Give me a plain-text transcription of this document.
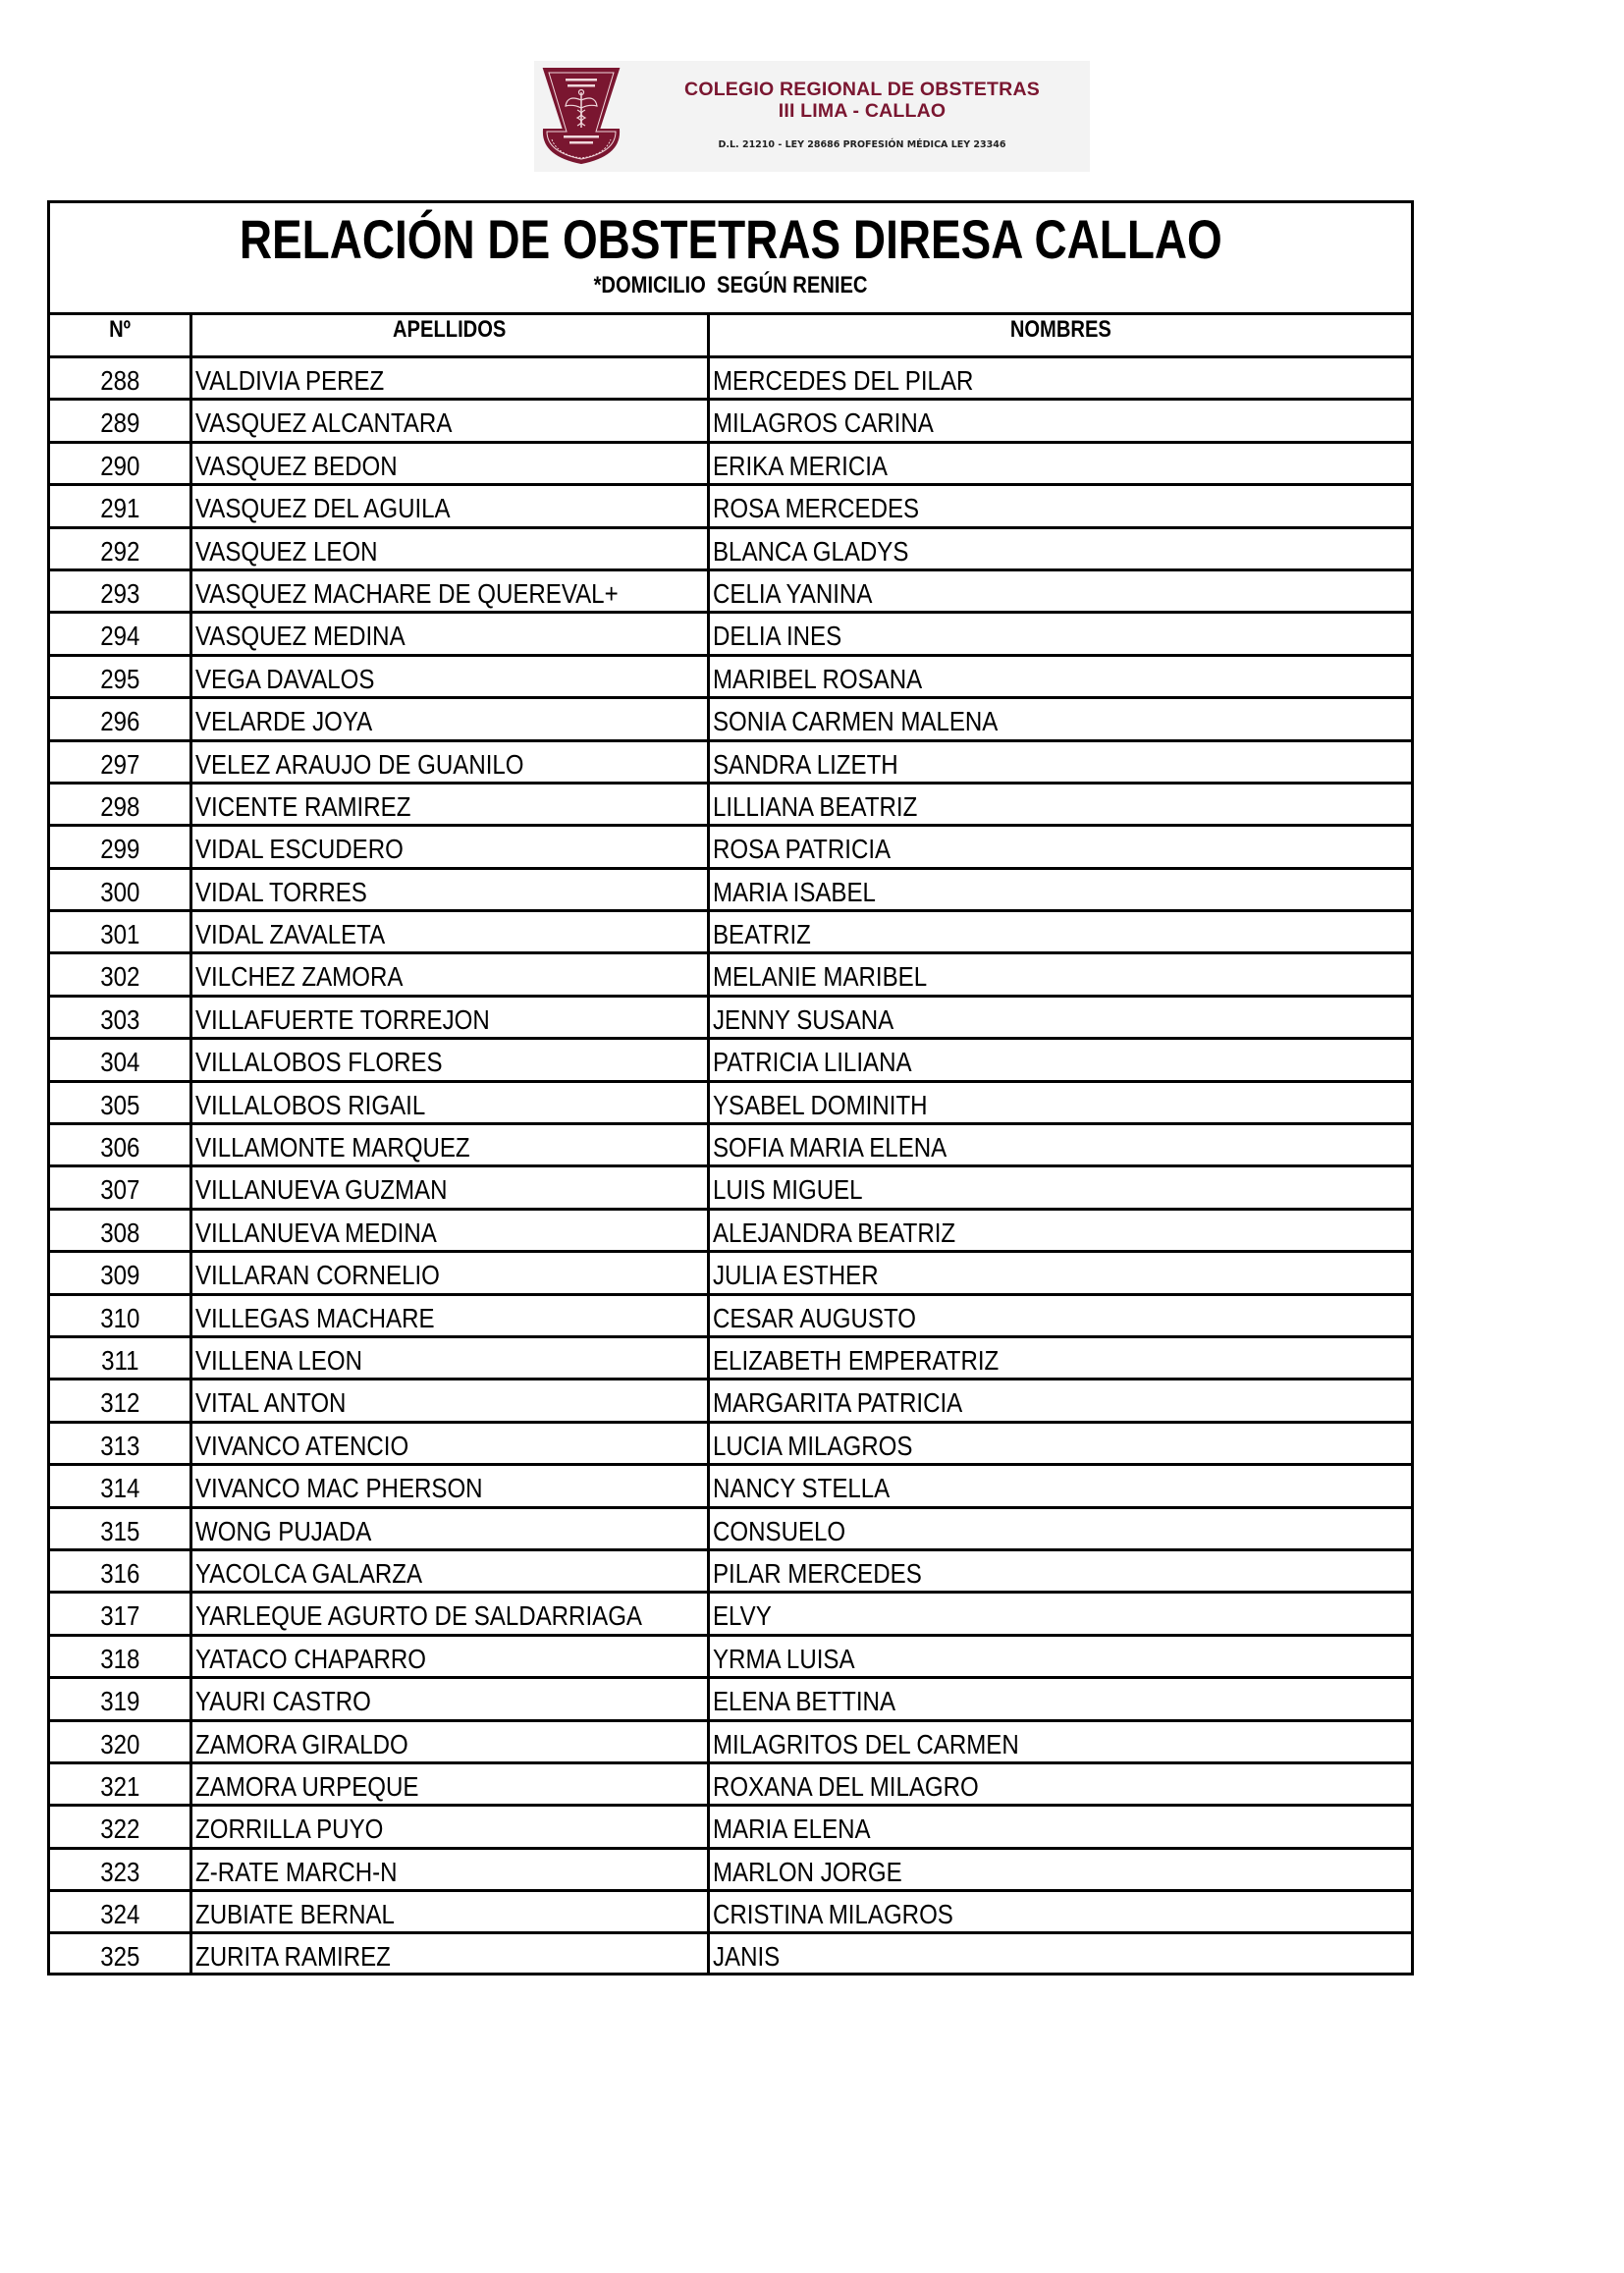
COLEGIO REGIONAL DE OBSTETRAS
III LIMA - CALLAO
D.L. 21210 - LEY 28686 PROFESIÓN MÉDICA LEY 23346
RELACIÓN DE OBSTETRAS DIRESA CALLAO
*DOMICILIO  SEGÚN RENIEC
Nº	APELLIDOS	NOMBRES
288	VALDIVIA PEREZ	MERCEDES DEL PILAR
289	VASQUEZ ALCANTARA	MILAGROS CARINA
290	VASQUEZ BEDON	ERIKA MERICIA
291	VASQUEZ DEL AGUILA	ROSA MERCEDES
292	VASQUEZ LEON	BLANCA GLADYS
293	VASQUEZ MACHARE DE QUEREVAL+	CELIA YANINA
294	VASQUEZ MEDINA	DELIA INES
295	VEGA DAVALOS	MARIBEL ROSANA
296	VELARDE JOYA	SONIA CARMEN MALENA
297	VELEZ ARAUJO DE GUANILO	SANDRA LIZETH
298	VICENTE RAMIREZ	LILLIANA BEATRIZ
299	VIDAL ESCUDERO	ROSA PATRICIA
300	VIDAL TORRES	MARIA ISABEL
301	VIDAL ZAVALETA	BEATRIZ
302	VILCHEZ ZAMORA	MELANIE MARIBEL
303	VILLAFUERTE TORREJON	JENNY SUSANA
304	VILLALOBOS FLORES	PATRICIA LILIANA
305	VILLALOBOS RIGAIL	YSABEL DOMINITH
306	VILLAMONTE MARQUEZ	SOFIA MARIA ELENA
307	VILLANUEVA GUZMAN	LUIS MIGUEL
308	VILLANUEVA MEDINA	ALEJANDRA BEATRIZ
309	VILLARAN CORNELIO	JULIA ESTHER
310	VILLEGAS MACHARE	CESAR AUGUSTO
311	VILLENA LEON	ELIZABETH EMPERATRIZ
312	VITAL ANTON	MARGARITA PATRICIA
313	VIVANCO ATENCIO	LUCIA MILAGROS
314	VIVANCO MAC PHERSON	NANCY STELLA
315	WONG PUJADA	CONSUELO
316	YACOLCA GALARZA	PILAR MERCEDES
317	YARLEQUE AGURTO DE SALDARRIAGA	ELVY
318	YATACO CHAPARRO	YRMA LUISA
319	YAURI CASTRO	ELENA BETTINA
320	ZAMORA GIRALDO	MILAGRITOS DEL CARMEN
321	ZAMORA URPEQUE	ROXANA DEL MILAGRO
322	ZORRILLA PUYO	MARIA ELENA
323	Z-RATE MARCH-N	MARLON JORGE
324	ZUBIATE BERNAL	CRISTINA MILAGROS
325	ZURITA RAMIREZ	JANIS
